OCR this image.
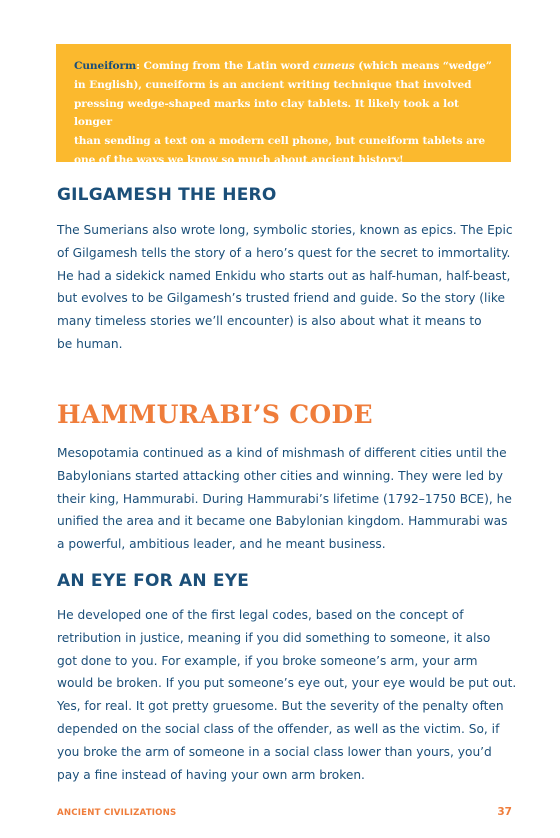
Cuneiform: Coming from the Latin word cuneus (which means “wedge”
in English), cuneiform is an ancient writing technique that involved
pressing wedge-shaped marks into clay tablets. It likely took a lot longer
than sending a text on a modern cell phone, but cuneiform tablets are
one of the ways we know so much about ancient history!

GILGAMESH THE HERO
The Sumerians also wrote long, symbolic stories, known as epics. The Epic
of Gilgamesh tells the story of a hero’s quest for the secret to immortality.
He had a sidekick named Enkidu who starts out as half-human, half-beast,
but evolves to be Gilgamesh’s trusted friend and guide. So the story (like
many timeless stories we’ll encounter) is also about what it means to
be human.
HAMMURABI’S CODE
Mesopotamia continued as a kind of mishmash of different cities until the
Babylonians started attacking other cities and winning. They were led by
their king, Hammurabi. During Hammurabi’s lifetime (1792–1750 BCE), he
unified the area and it became one Babylonian kingdom. Hammurabi was
a powerful, ambitious leader, and he meant business.
AN EYE FOR AN EYE
He developed one of the first legal codes, based on the concept of
retribution in justice, meaning if you did something to someone, it also
got done to you. For example, if you broke someone’s arm, your arm
would be broken. If you put someone’s eye out, your eye would be put out.
Yes, for real. It got pretty gruesome. But the severity of the penalty often
depended on the social class of the offender, as well as the victim. So, if
you broke the arm of someone in a social class lower than yours, you’d
pay a fine instead of having your own arm broken.

ANCIENT CIVILIZATIONS	37
